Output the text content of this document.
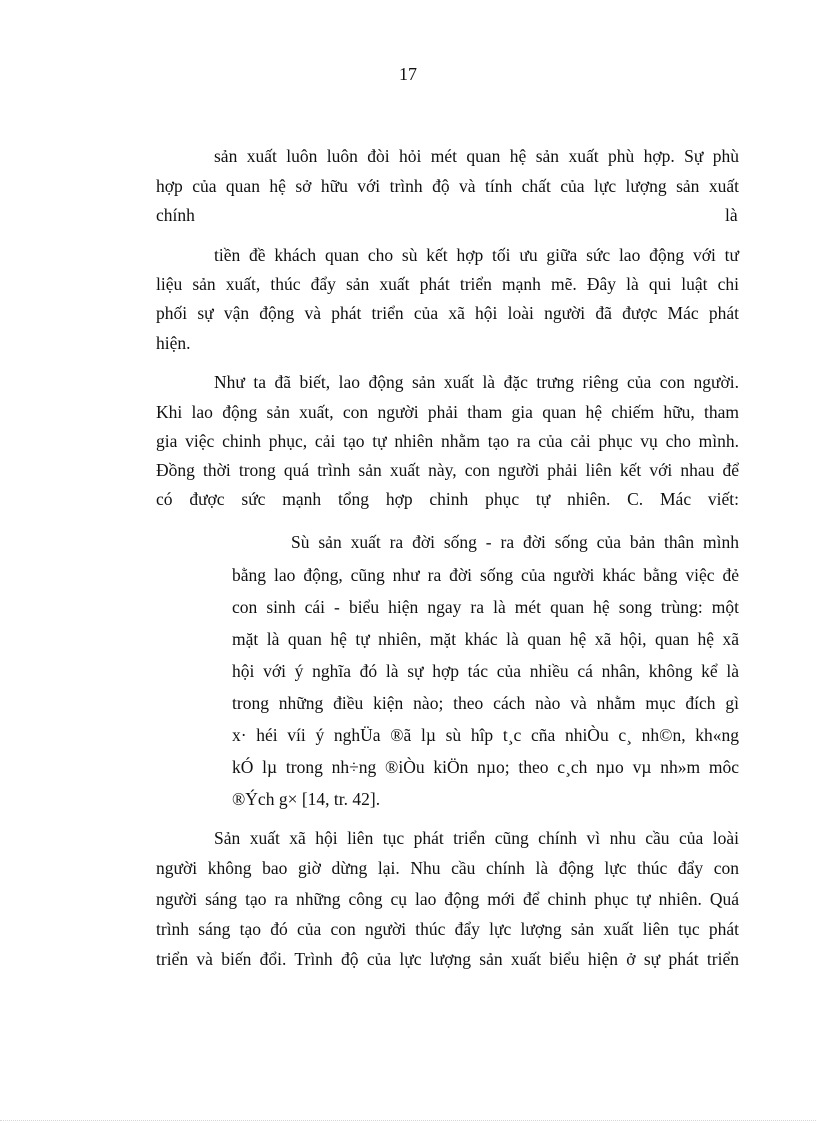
17
sản xuất luôn luôn đòi hỏi mét quan hệ sản xuất phù hợp. Sự phù
hợp của quan hệ sở hữu với trình độ và tính chất của lực lượng sản xuất
chính	là
tiền đề khách quan cho sù kết hợp tối ưu giữa sức lao động với tư
liệu sản xuất, thúc đẩy sản xuất phát triển mạnh mẽ. Đây là qui luật chi
phối sự vận động và phát triển của xã hội loài người đã được Mác phát
hiện.
Như ta đã biết, lao động sản xuất là đặc trưng riêng của con người.
Khi lao động sản xuất, con người phải tham gia quan hệ chiếm hữu, tham
gia việc chinh phục, cải tạo tự nhiên nhằm tạo ra của cải phục vụ cho mình.
Đồng thời trong quá trình sản xuất này, con người phải liên kết với nhau để
có được sức mạnh tổng hợp chinh phục tự nhiên. C. Mác viết:
Sù sản xuất ra đời sống - ra đời sống của bản thân mình
bằng lao động, cũng như ra đời sống của người khác bằng việc đẻ
con sinh cái - biểu hiện ngay ra là mét quan hệ song trùng: một
mặt là quan hệ tự nhiên, mặt khác là quan hệ xã hội, quan hệ xã
hội với ý nghĩa đó là sự hợp tác của nhiều cá nhân, không kể là
trong những điều kiện nào; theo cách nào và nhằm mục đích gì
x· héi víi ý nghÜa ®ã lµ sù hîp t¸c cña nhiÒu c¸ nh©n, kh«ng
kÓ lµ trong nh÷ng ®iÒu kiÖn nµo; theo c¸ch nµo vµ nh»m môc
®Ých g× [14, tr. 42].
Sản xuất xã hội liên tục phát triển cũng chính vì nhu cầu của loài
người không bao giờ dừng lại. Nhu cầu chính là động lực thúc đẩy con
người sáng tạo ra những công cụ lao động mới để chinh phục tự nhiên. Quá
trình sáng tạo đó của con người thúc đẩy lực lượng sản xuất liên tục phát
triển và biến đổi. Trình độ của lực lượng sản xuất biểu hiện ở sự phát triển
